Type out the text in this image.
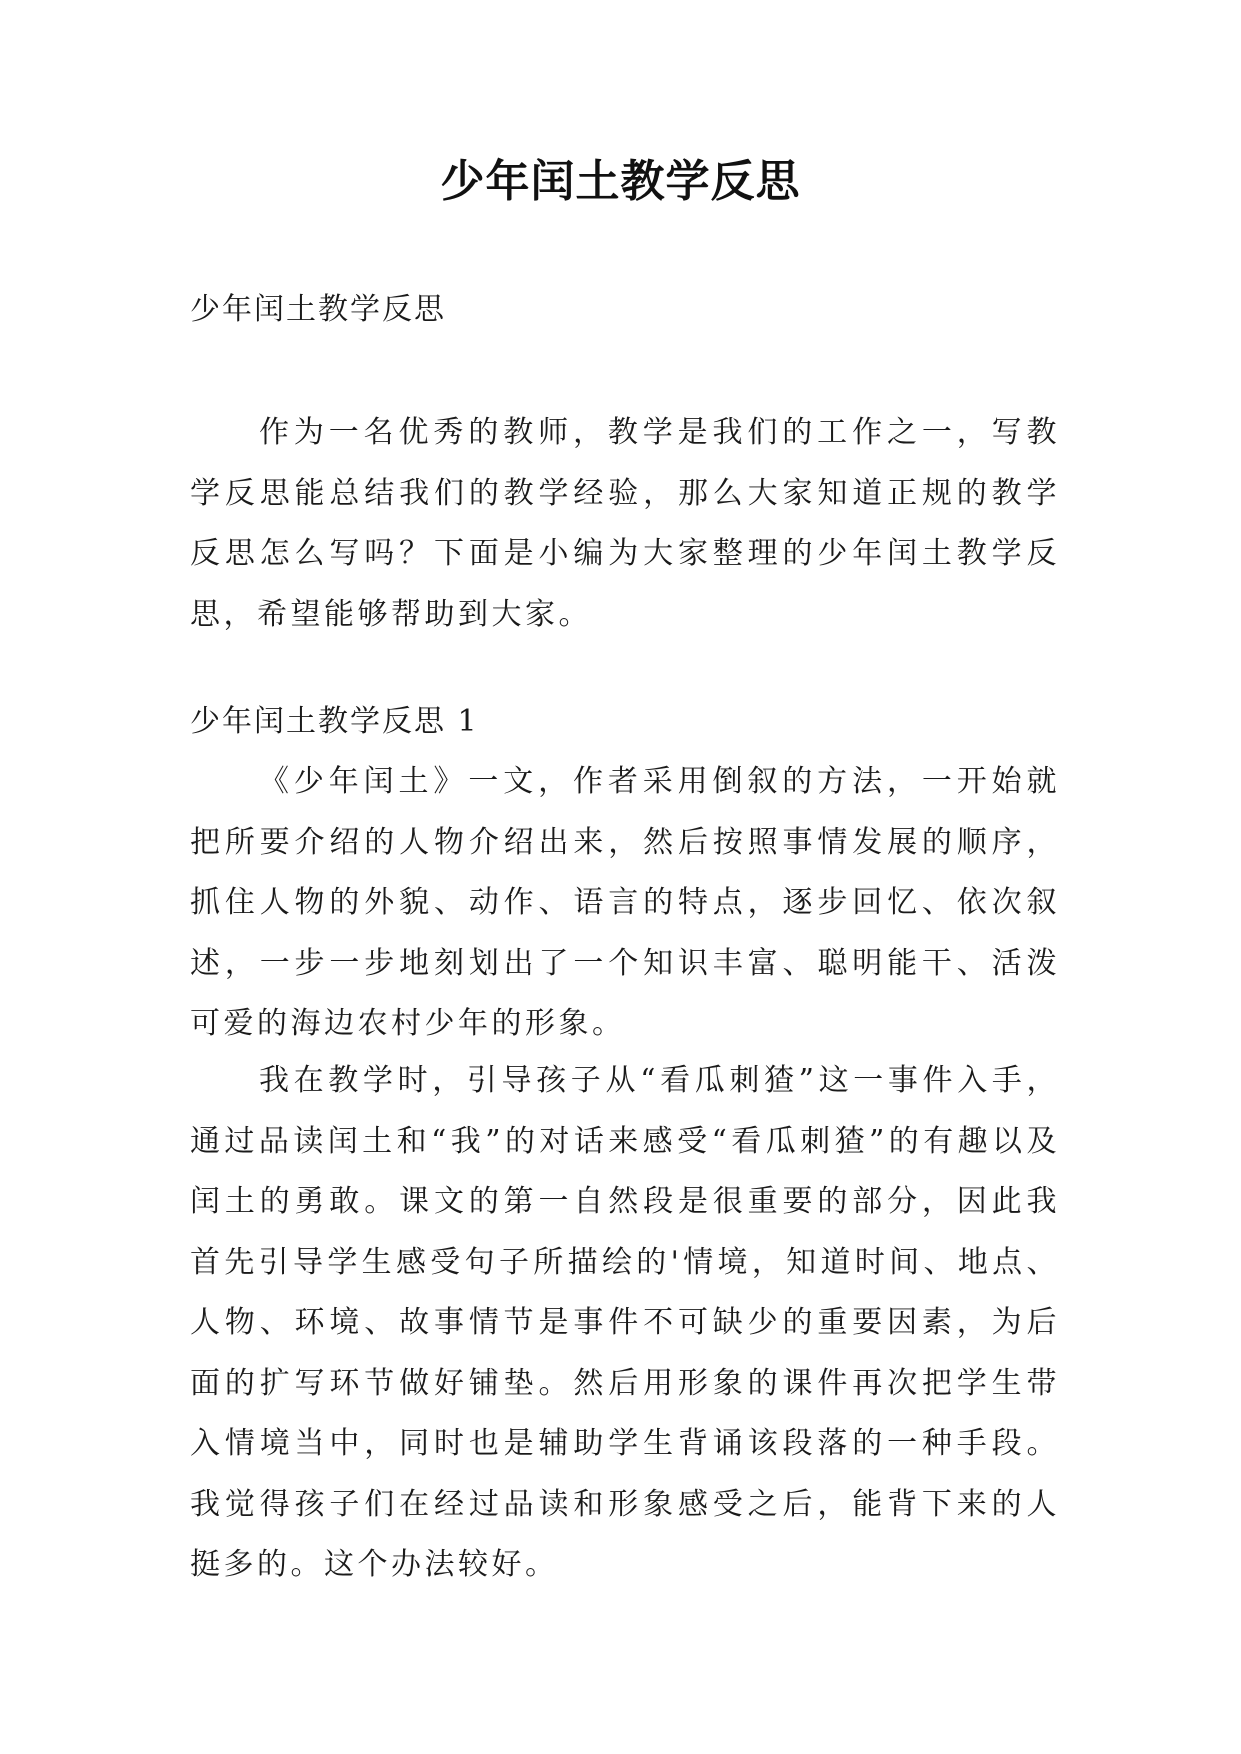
少年闰土教学反思

少年闰土教学反思

作为一名优秀的教师，教学是我们的工作之一，写教学反思能总结我们的教学经验，那么大家知道正规的教学反思怎么写吗？下面是小编为大家整理的少年闰土教学反思，希望能够帮助到大家。

少年闰土教学反思 1

《少年闰土》一文，作者采用倒叙的方法，一开始就把所要介绍的人物介绍出来，然后按照事情发展的顺序，抓住人物的外貌、动作、语言的特点，逐步回忆、依次叙述，一步一步地刻划出了一个知识丰富、聪明能干、活泼可爱的海边农村少年的形象。

我在教学时，引导孩子从“看瓜刺猹”这一事件入手，通过品读闰土和“我”的对话来感受“看瓜刺猹”的有趣以及闰土的勇敢。课文的第一自然段是很重要的部分，因此我首先引导学生感受句子所描绘的'情境，知道时间、地点、人物、环境、故事情节是事件不可缺少的重要因素，为后面的扩写环节做好铺垫。然后用形象的课件再次把学生带入情境当中，同时也是辅助学生背诵该段落的一种手段。我觉得孩子们在经过品读和形象感受之后，能背下来的人挺多的。这个办法较好。
